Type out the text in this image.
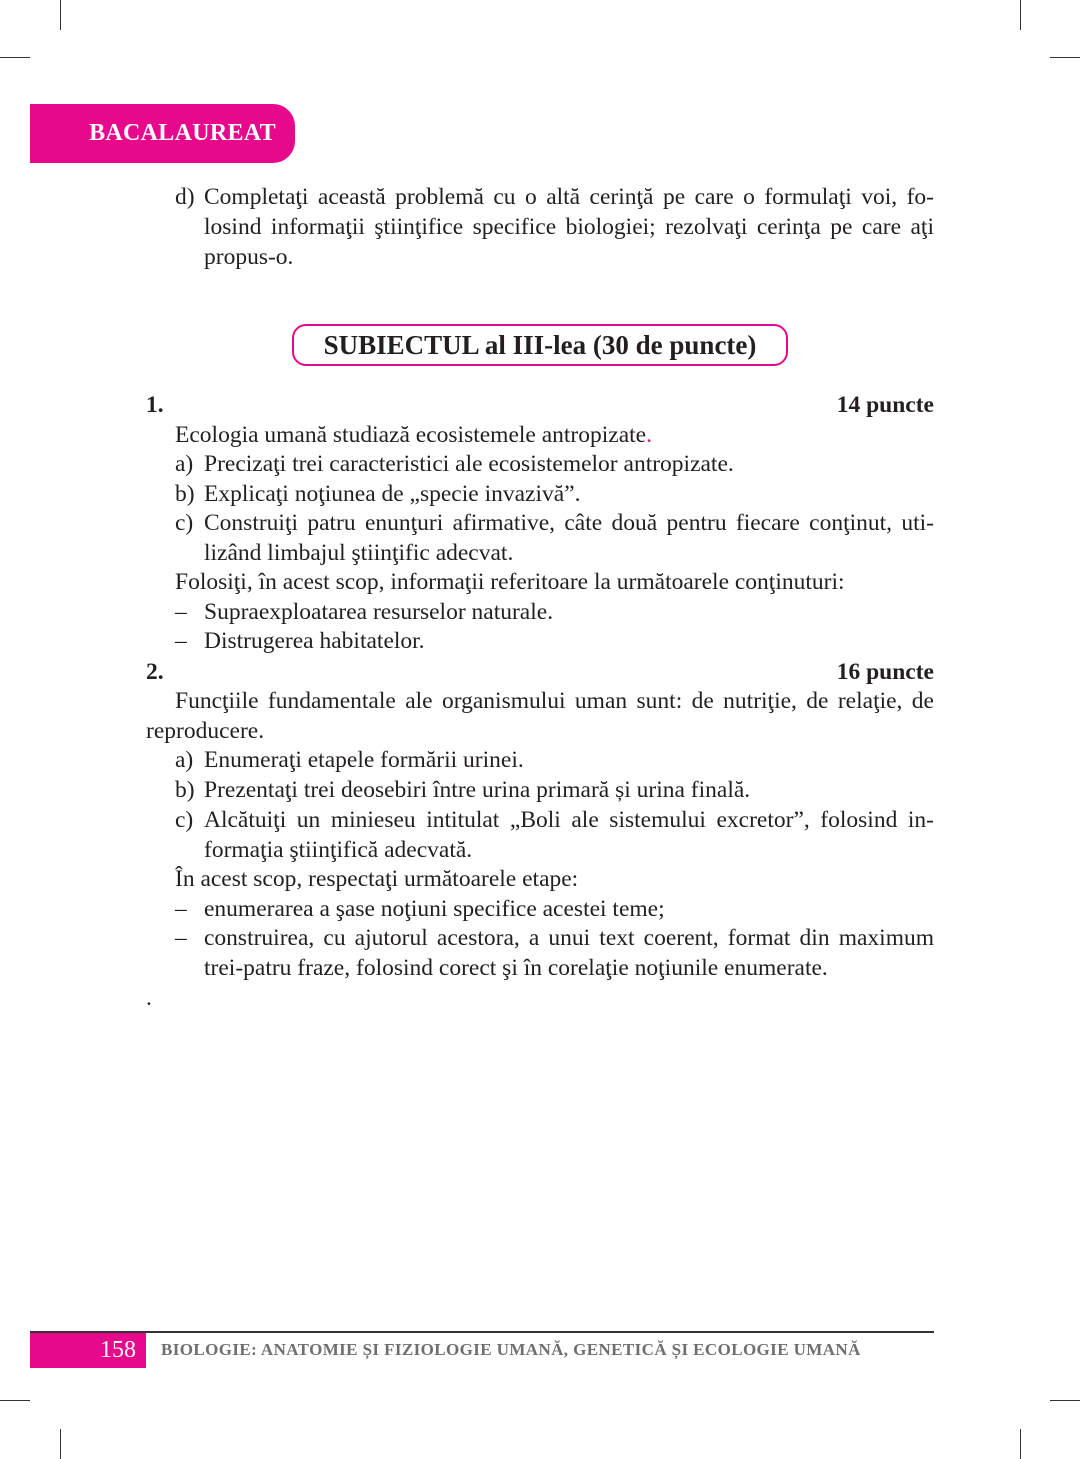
BACALAUREAT
d) Completaţi această problemă cu o altă cerinţă pe care o formulaţi voi, fo-
losind informaţii ştiinţifice specifice biologiei; rezolvaţi cerinţa pe care aţi
propus-o.
SUBIECTUL al III-lea (30 de puncte)
1.	14 puncte
Ecologia umană studiază ecosistemele antropizate.
a) Precizaţi trei caracteristici ale ecosistemelor antropizate.
b) Explicaţi noţiunea de „specie invazivă”.
c) Construiţi patru enunţuri afirmative, câte două pentru fiecare conţinut, uti-
lizând limbajul ştiinţific adecvat.
Folosiţi, în acest scop, informaţii referitoare la următoarele conţinuturi:
– Supraexploatarea resurselor naturale.
– Distrugerea habitatelor.
2.	16 puncte
Funcţiile fundamentale ale organismului uman sunt: de nutriţie, de relaţie, de
reproducere.
a) Enumeraţi etapele formării urinei.
b) Prezentaţi trei deosebiri între urina primară și urina finală.
c) Alcătuiţi un minieseu intitulat „Boli ale sistemului excretor”, folosind in-
formaţia ştiinţifică adecvată.
În acest scop, respectaţi următoarele etape:
– enumerarea a şase noţiuni specifice acestei teme;
– construirea, cu ajutorul acestora, a unui text coerent, format din maximum
trei-patru fraze, folosind corect şi în corelaţie noţiunile enumerate.
.
158	BIOLOGIE: ANATOMIE ȘI FIZIOLOGIE UMANĂ, GENETICĂ ȘI ECOLOGIE UMANĂ
